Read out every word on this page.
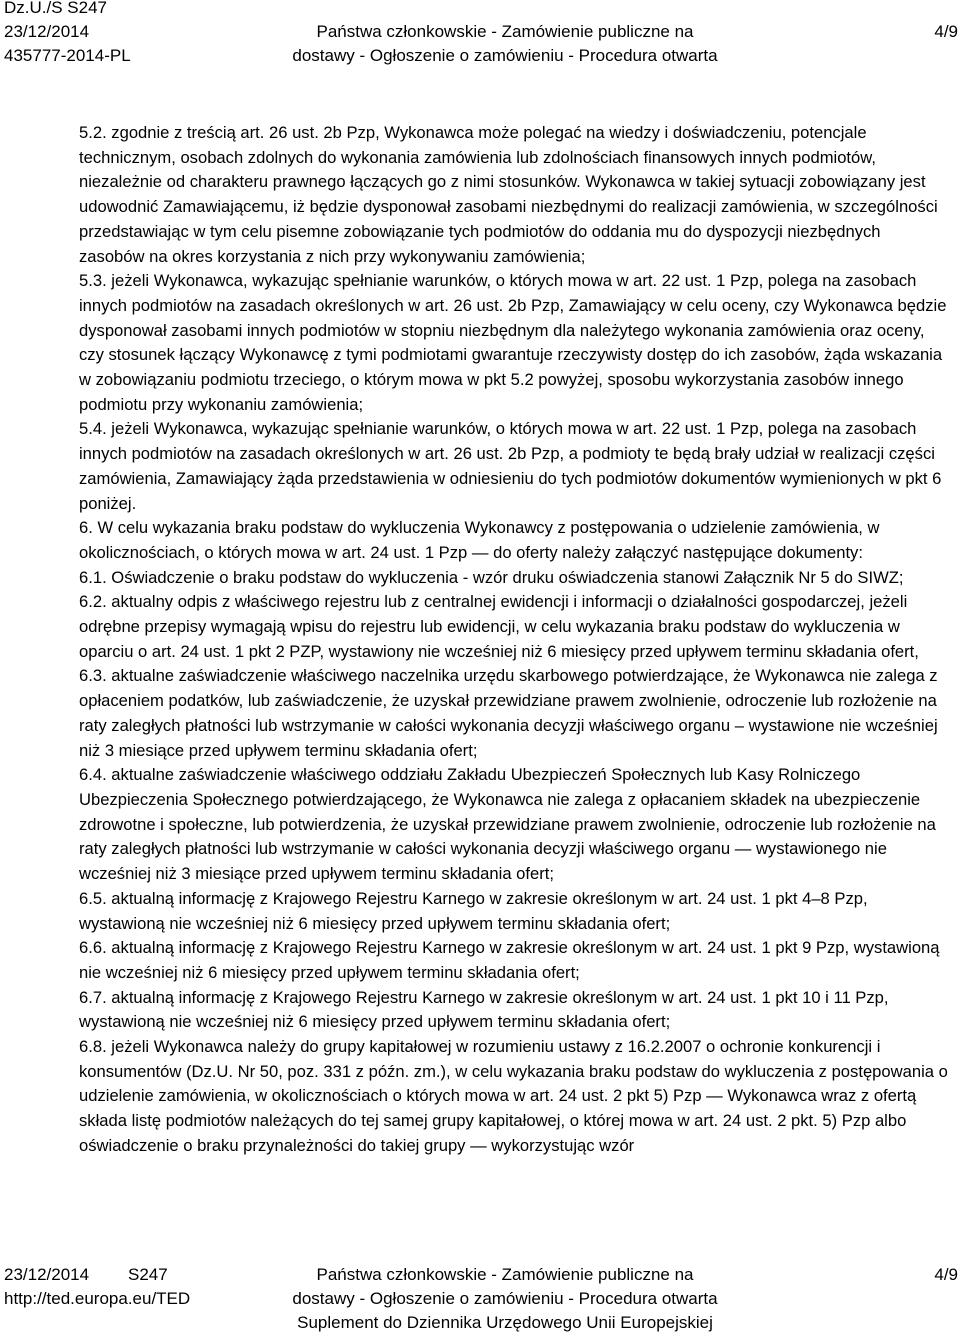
Dz.U./S S247
23/12/2014
435777-2014-PL
Państwa członkowskie - Zamówienie publiczne na
dostawy - Ogłoszenie o zamówieniu - Procedura otwarta
4/9

5.2. zgodnie z treścią art. 26 ust. 2b Pzp, Wykonawca może polegać na wiedzy i doświadczeniu, potencjale technicznym, osobach zdolnych do wykonania zamówienia lub zdolnościach finansowych innych podmiotów, niezależnie od charakteru prawnego łączących go z nimi stosunków. Wykonawca w takiej sytuacji zobowiązany jest udowodnić Zamawiającemu, iż będzie dysponował zasobami niezbędnymi do realizacji zamówienia, w szczególności przedstawiając w tym celu pisemne zobowiązanie tych podmiotów do oddania mu do dyspozycji niezbędnych zasobów na okres korzystania z nich przy wykonywaniu zamówienia;

5.3. jeżeli Wykonawca, wykazując spełnianie warunków, o których mowa w art. 22 ust. 1 Pzp, polega na zasobach innych podmiotów na zasadach określonych w art. 26 ust. 2b Pzp, Zamawiający w celu oceny, czy Wykonawca będzie dysponował zasobami innych podmiotów w stopniu niezbędnym dla należytego wykonania zamówienia oraz oceny, czy stosunek łączący Wykonawcę z tymi podmiotami gwarantuje rzeczywisty dostęp do ich zasobów, żąda wskazania w zobowiązaniu podmiotu trzeciego, o którym mowa w pkt 5.2 powyżej, sposobu wykorzystania zasobów innego podmiotu przy wykonaniu zamówienia;

5.4. jeżeli Wykonawca, wykazując spełnianie warunków, o których mowa w art. 22 ust. 1 Pzp, polega na zasobach innych podmiotów na zasadach określonych w art. 26 ust. 2b Pzp, a podmioty te będą brały udział w realizacji części zamówienia, Zamawiający żąda przedstawienia w odniesieniu do tych podmiotów dokumentów wymienionych w pkt 6 poniżej.

6. W celu wykazania braku podstaw do wykluczenia Wykonawcy z postępowania o udzielenie zamówienia, w okolicznościach, o których mowa w art. 24 ust. 1 Pzp — do oferty należy załączyć następujące dokumenty:

6.1. Oświadczenie o braku podstaw do wykluczenia - wzór druku oświadczenia stanowi Załącznik Nr 5 do SIWZ;

6.2. aktualny odpis z właściwego rejestru lub z centralnej ewidencji i informacji o działalności gospodarczej, jeżeli odrębne przepisy wymagają wpisu do rejestru lub ewidencji, w celu wykazania braku podstaw do wykluczenia w oparciu o art. 24 ust. 1 pkt 2 PZP, wystawiony nie wcześniej niż 6 miesięcy przed upływem terminu składania ofert,

6.3. aktualne zaświadczenie właściwego naczelnika urzędu skarbowego potwierdzające, że Wykonawca nie zalega z opłaceniem podatków, lub zaświadczenie, że uzyskał przewidziane prawem zwolnienie, odroczenie lub rozłożenie na raty zaległych płatności lub wstrzymanie w całości wykonania decyzji właściwego organu – wystawione nie wcześniej niż 3 miesiące przed upływem terminu składania ofert;

6.4. aktualne zaświadczenie właściwego oddziału Zakładu Ubezpieczeń Społecznych lub Kasy Rolniczego Ubezpieczenia Społecznego potwierdzającego, że Wykonawca nie zalega z opłacaniem składek na ubezpieczenie zdrowotne i społeczne, lub potwierdzenia, że uzyskał przewidziane prawem zwolnienie, odroczenie lub rozłożenie na raty zaległych płatności lub wstrzymanie w całości wykonania decyzji właściwego organu — wystawionego nie wcześniej niż 3 miesiące przed upływem terminu składania ofert;

6.5. aktualną informację z Krajowego Rejestru Karnego w zakresie określonym w art. 24 ust. 1 pkt 4–8 Pzp, wystawioną nie wcześniej niż 6 miesięcy przed upływem terminu składania ofert;

6.6. aktualną informację z Krajowego Rejestru Karnego w zakresie określonym w art. 24 ust. 1 pkt 9 Pzp, wystawioną nie wcześniej niż 6 miesięcy przed upływem terminu składania ofert;

6.7. aktualną informację z Krajowego Rejestru Karnego w zakresie określonym w art. 24 ust. 1 pkt 10 i 11 Pzp, wystawioną nie wcześniej niż 6 miesięcy przed upływem terminu składania ofert;

6.8. jeżeli Wykonawca należy do grupy kapitałowej w rozumieniu ustawy z 16.2.2007 o ochronie konkurencji i konsumentów (Dz.U. Nr 50, poz. 331 z późn. zm.), w celu wykazania braku podstaw do wykluczenia z postępowania o udzielenie zamówienia, w okolicznościach o których mowa w art. 24 ust. 2 pkt 5) Pzp — Wykonawca wraz z ofertą składa listę podmiotów należących do tej samej grupy kapitałowej, o której mowa w art. 24 ust. 2 pkt. 5) Pzp albo oświadczenie o braku przynależności do takiej grupy — wykorzystując wzór

23/12/2014 S247
http://ted.europa.eu/TED
Państwa członkowskie - Zamówienie publiczne na
dostawy - Ogłoszenie o zamówieniu - Procedura otwarta
Suplement do Dziennika Urzędowego Unii Europejskiej
4/9
